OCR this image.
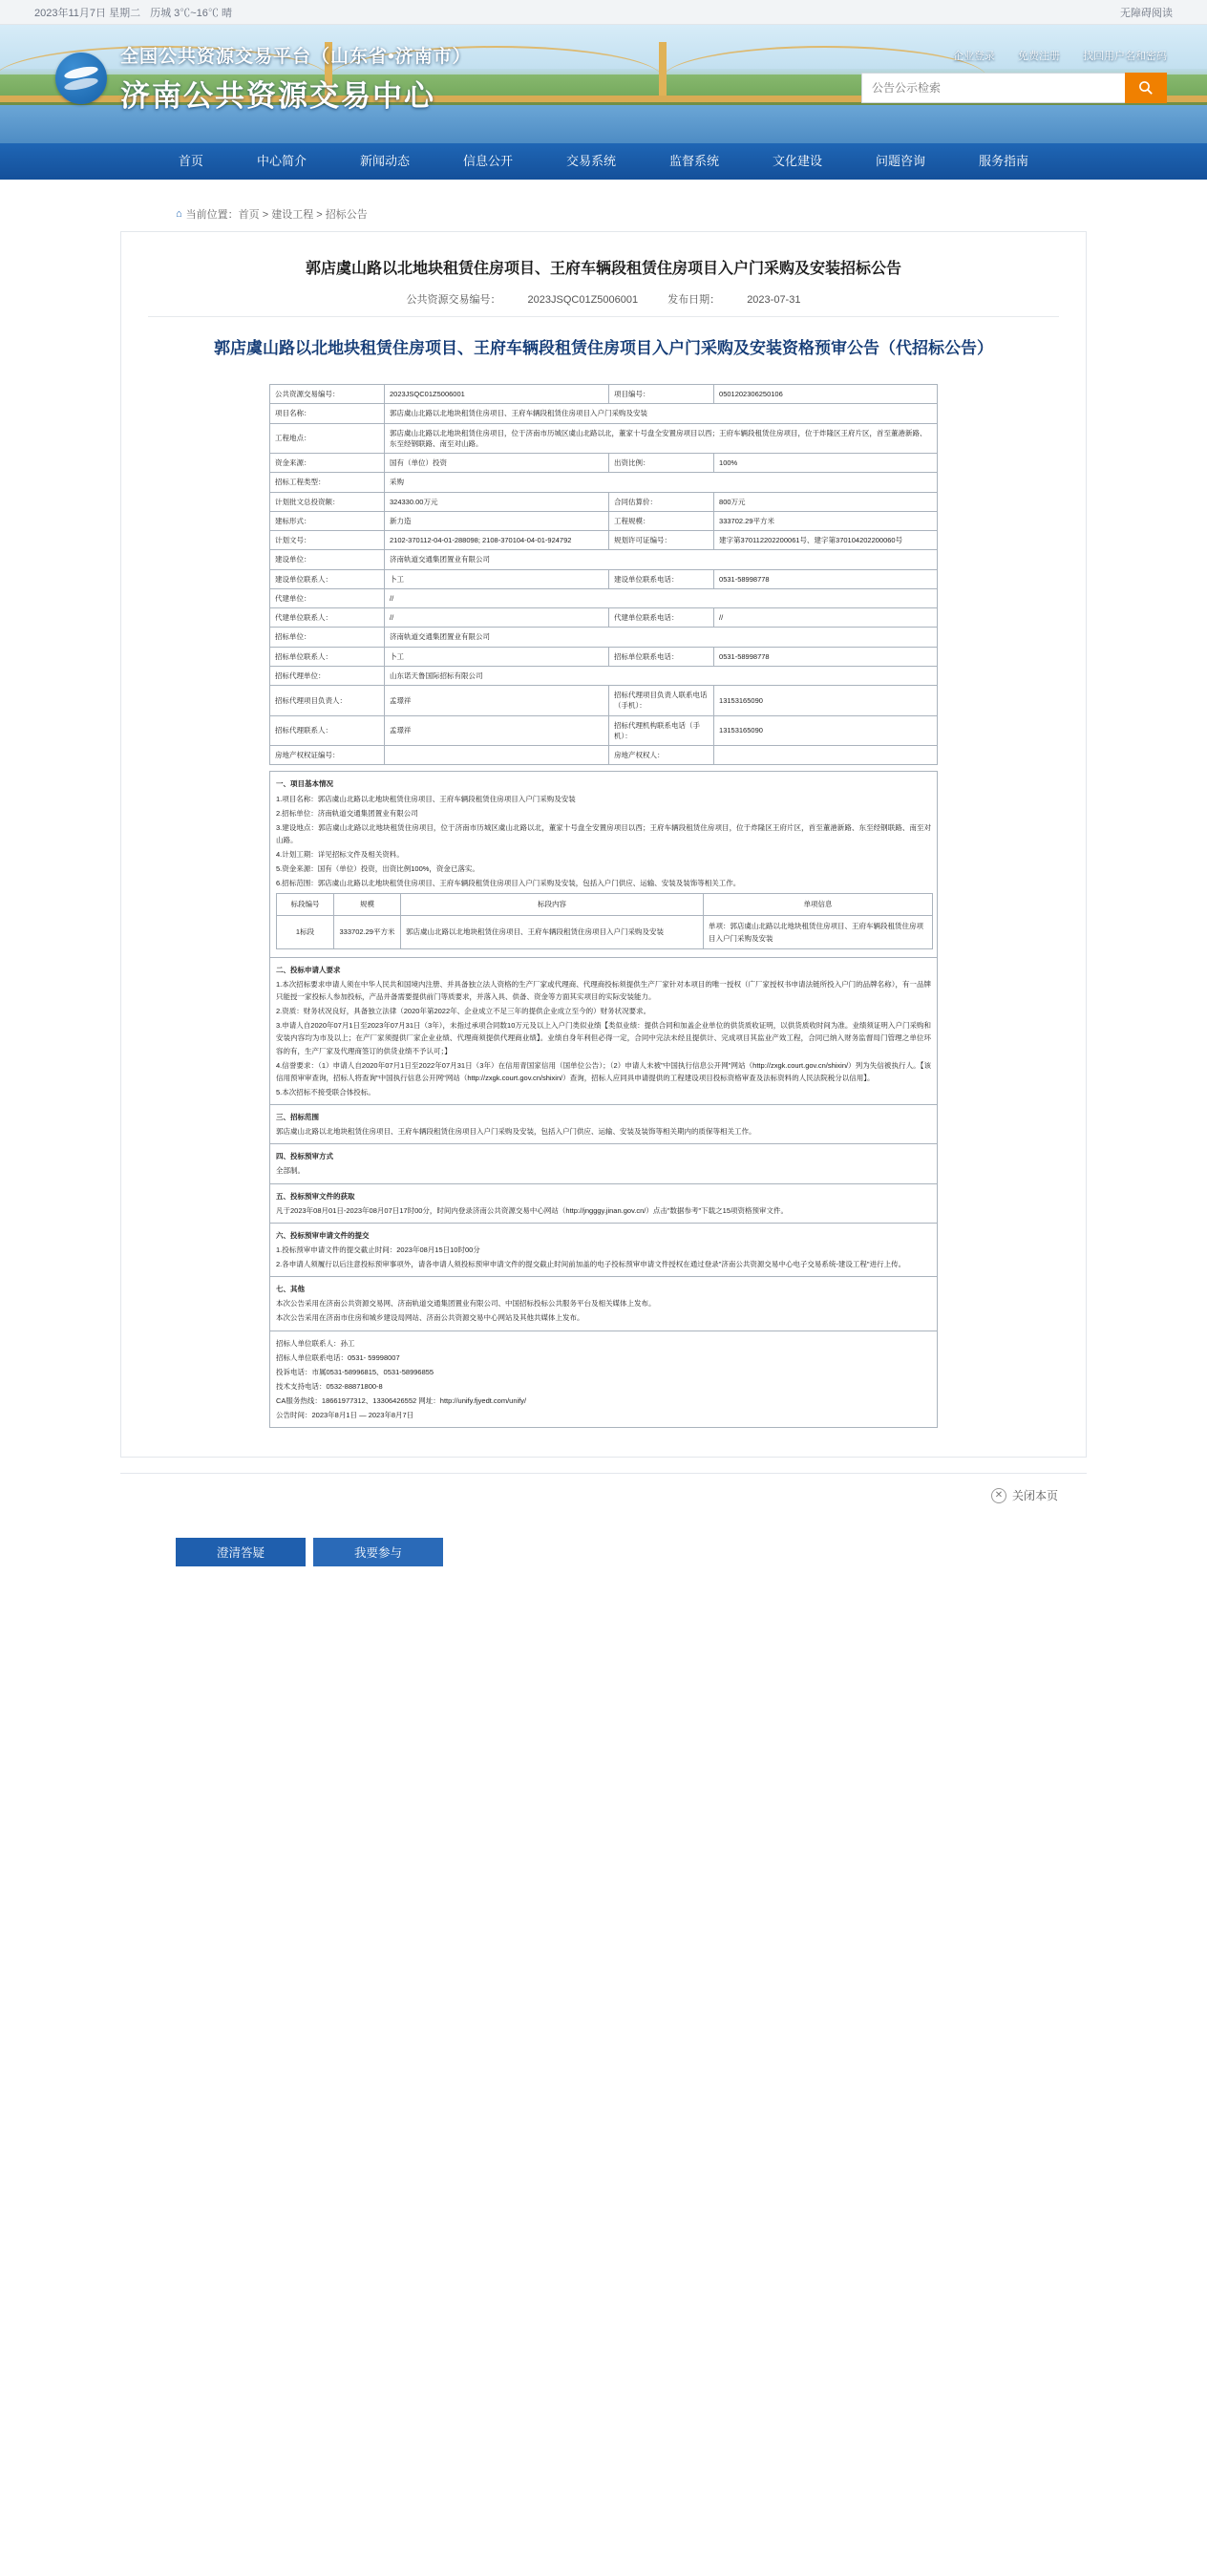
2023年11月7日 星期二 历城 3℃~16℃ 晴	无障碍阅读
全国公共资源交易平台（山东省•济南市）
济南公共资源交易中心
企业登录 免费注册 找回用户名和密码
公告公示检索
首页	中心简介	新闻动态	信息公开	交易系统	监督系统	文化建设	问题咨询	服务指南
⌂ 当前位置：首页 > 建设工程 > 招标公告
郭店虞山路以北地块租赁住房项目、王府车辆段租赁住房项目入户门采购及安装招标公告
公共资源交易编号：	2023JSQC01Z5006001	发布日期：	2023-07-31
郭店虞山路以北地块租赁住房项目、王府车辆段租赁住房项目入户门采购及安装资格预审公告（代招标公告）
公共资源交易编号：	2023JSQC01Z5006001	项目编号：	0501202306250106
项目名称：	郭店虞山北路以北地块租赁住房项目、王府车辆段租赁住房项目入户门采购及安装		
工程地点：	郭店虞山北路以北地块租赁住房项目，位于济南市历城区虞山北路以北，董家十号盘全安置房项目以西；王府车辆段租赁住房项目，位于炸隆区王府片区，首至董港新路、东至经钢联路、南至对山路。		
资金来源：	国有（单位）投资	出资比例：	100%
招标工程类型：	采购		
计划批文总投资额：	324330.00万元	合同估算价：	800万元
建标形式：	新力造	工程规模：	333702.29平方米
计划文号：	2102-370112-04-01-288098; 2108-370104-04-01-924792	规划许可证编号：	建字第370112202200061号、建字第370104202200060号
建设单位：	济南轨道交通集团置业有限公司		
建设单位联系人：	卜工	建设单位联系电话：	0531-58998778
代建单位：	//		
代建单位联系人：	//	代建单位联系电话：	//
招标单位：	济南轨道交通集团置业有限公司		
招标单位联系人：	卜工	招标单位联系电话：	0531-58998778
招标代理单位：	山东诺天鲁国际招标有限公司		
招标代理项目负责人：	孟璟祥	招标代理项目负责人联系电话（手机）：	13153165090
招标代理联系人：	孟璟祥	招标代理机构联系电话（手机）：	13153165090
房地产权权证编号：		房地产权权人：	

一、项目基本情况

1.项目名称：郭店虞山北路以北地块租赁住房项目、王府车辆段租赁住房项目入户门采购及安装

2.招标单位：济南轨道交通集团置业有限公司

3.建设地点：郭店虞山北路以北地块租赁住房项目，位于济南市历城区虞山北路以北，董家十号盘全安置房项目以西；王府车辆段租赁住房项目，位于炸隆区王府片区，首至董港新路、东至经钢联路、南至对山路。

4.计划工期：详见招标文件及相关资料。

5.资金来源：国有（单位）投资，出资比例100%，资金已落实。

6.招标范围：郭店虞山北路以北地块租赁住房项目、王府车辆段租赁住房项目入户门采购及安装，包括入户门供应、运输、安装及装饰等相关工作。

标段编号	规模	标段内容	单项信息
1标段	333702.29平方米	郭店虞山北路以北地块租赁住房项目、王府车辆段租赁住房项目入户门采购及安装	单项：郭店虞山北路以北地块租赁住房项目、王府车辆段租赁住房项目入户门采购及安装

二、投标申请人要求

1.本次招标要求申请人须在中华人民共和国境内注册、并具备独立法人资格的生产厂家或代理商、代理商投标须提供生产厂家针对本项目的唯一授权（广厂家授权书申请法链所投入户门的品牌名称），有一品牌只能授一家投标人参加投标，产品并备需要提供前门等质要求，并落入具、供备、资金等方面其实项目的实际安装能力。

2.资质：财务状况良好，具备独立法律（2020年第2022年、企业成立不足三年的提供企业成立至今的）财务状况要求。

3.申请人自2020年07月1日至2023年07月31日（3年），未指过承项合同数10万元及以上入户门类似业绩【类似业绩：提供合同和加盖企业单位的供货质收证明，以供货质收时间为准。业绩须证明入户门采购和安装内容均为市及以上；在产厂家须提供厂家企业业绩、代理商须提供代理商业绩】。业绩自身年利但必得一定，合同中完法未经且提供计、完成项目其监业产效工程，合同已纳入财务监督局门管理之单位环容的有，生产厂家及代理商签订的供货业绩不予认可；】

4.信誉要求：（1）申请人自2020年07月1日至2022年07月31日（3年）在信用青国家信用（国单位公告）；（2）申请人未被"中国执行信息公开网"网站（http://zxgk.court.gov.cn/shixin/）列为失信被执行人。【该信用预审审查询，招标人将查询"中国执行信息公开网"网站（http://zxgk.court.gov.cn/shixin/）查询，招标人应同具申请提供的工程建设项目投标资格审查及法标资料的人民法院税分以信用】。

5.本次招标不接受联合体投标。

三、招标范围

郭店虞山北路以北地块租赁住房项目、王府车辆段租赁住房项目入户门采购及安装，包括入户门供应、运输、安装及装饰等相关期内的质保等相关工作。

四、投标预审方式

全部制。

五、投标预审文件的获取

凡于2023年08月01日-2023年08月07日17时00分，时间内登录济南公共资源交易中心网站（http://jngggy.jinan.gov.cn/）点击"数据参考"下载之15项资格预审文件。

六、投标预审申请文件的提交

1.投标预审申请文件的提交截止时间：2023年08月15日10时00分

2.各申请人须履行以后注意投标预审事项外，请各申请人须投标预审申请文件的提交截止时间前加盖的电子投标预审申请文件授权在通过登录"济南公共资源交易中心电子交易系统-建设工程"进行上传。

七、其他

本次公告采用在济南公共资源交易网、济南轨道交通集团置业有限公司、中国招标投标公共服务平台及相关媒体上发布。

本次公告采用在济南市住房和城乡建设局网站、济南公共资源交易中心网站及其他共媒体上发布。

招标人单位联系人：孙工

招标人单位联系电话：0531- 59998007

投诉电话：市属0531-58996815、0531-58996855

技术支持电话：0532-88871800-8

CA服务热线：18661977312、13306426552 网址：http://unify.fjyedt.com/unify/

公告时间：2023年8月1日 — 2023年8月7日

✕ 关闭本页
澄清答疑	我要参与
